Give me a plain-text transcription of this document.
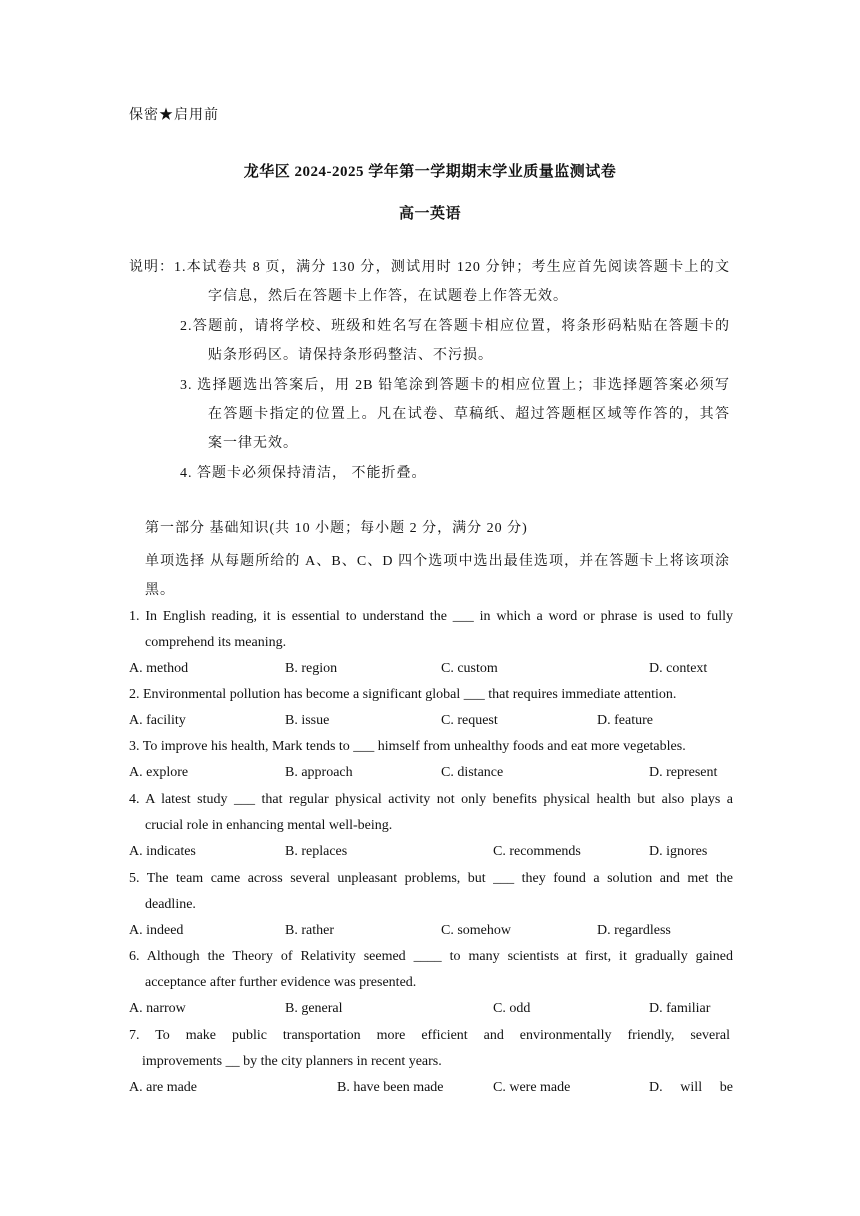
保密★启用前
龙华区 2024-2025 学年第一学期期末学业质量监测试卷
高一英语
说明： 1.本试卷共 8 页，满分 130 分，测试用时 120 分钟；考生应首先阅读答题卡上的文
字信息，然后在答题卡上作答，在试题卷上作答无效。
2.答题前，请将学校、班级和姓名写在答题卡相应位置，将条形码粘贴在答题卡的
贴条形码区。请保持条形码整洁、不污损。
3. 选择题选出答案后，用 2B 铅笔涂到答题卡的相应位置上；非选择题答案必须写
在答题卡指定的位置上。凡在试卷、草稿纸、超过答题框区域等作答的，其答
案一律无效。
4. 答题卡必须保持清洁， 不能折叠。
第一部分 基础知识(共 10 小题；每小题 2 分，满分 20 分)
单项选择 从每题所给的 A、B、C、D 四个选项中选出最佳选项，并在答题卡上将该项涂
黑。
1. In English reading, it is essential to understand the ___ in which a word or phrase is used to fully
comprehend its meaning.
A. method	B. region	C. custom	D. context
2. Environmental pollution has become a significant global ___ that requires immediate attention.
A. facility	B. issue	C. request	D. feature
3. To improve his health, Mark tends to ___ himself from unhealthy foods and eat more vegetables.
A. explore	B. approach	C. distance	D. represent
4. A latest study ___ that regular physical activity not only benefits physical health but also plays a
crucial role in enhancing mental well-being.
A. indicates	B. replaces	C. recommends	D. ignores
5. The team came across several unpleasant problems, but ___ they found a solution and met the
deadline.
A. indeed	B. rather	C. somehow	D. regardless
6. Although the Theory of Relativity seemed ____ to many scientists at first, it gradually gained
acceptance after further evidence was presented.
A. narrow	B. general	C. odd	D. familiar
7. To make public transportation more efficient and environmentally friendly, several
improvements __ by the city planners in recent years.
A. are made	B. have been made	C. were made	D. will be
